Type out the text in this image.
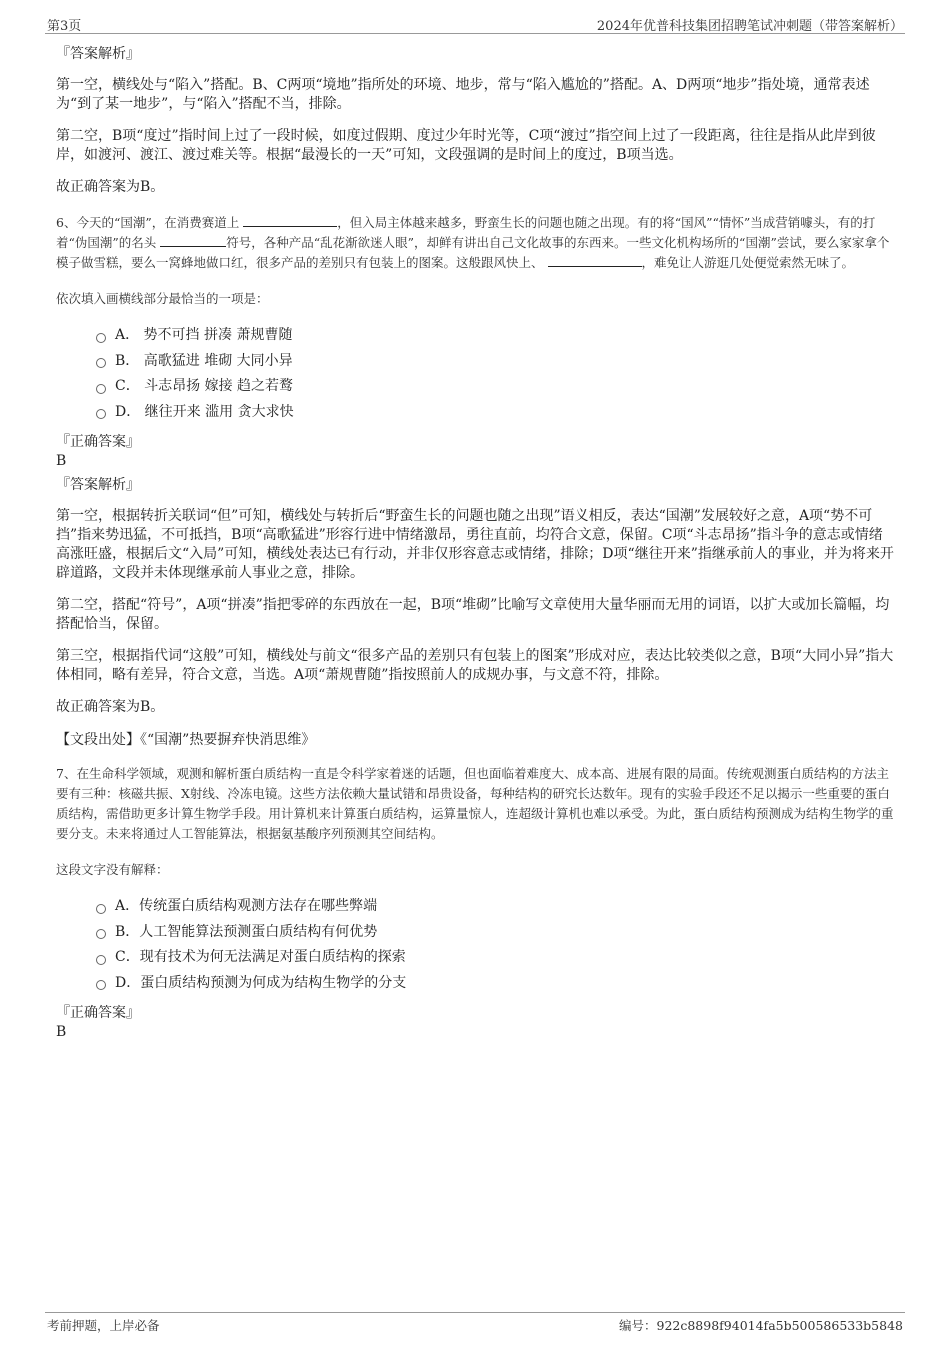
第3页	2024年优普科技集团招聘笔试冲刺题（带答案解析）
『答案解析』

第一空，横线处与“陷入”搭配。B、C两项“境地”指所处的环境、地步，常与“陷入尴尬的”搭配。A、D两项“地步”指处境，通常表述为“到了某一地步”，与“陷入”搭配不当，排除。

第二空，B项“度过”指时间上过了一段时候，如度过假期、度过少年时光等，C项“渡过”指空间上过了一段距离，往往是指从此岸到彼岸，如渡河、渡江、渡过难关等。根据“最漫长的一天”可知，文段强调的是时间上的度过，B项当选。

故正确答案为B。

6、今天的“国潮”，在消费赛道上	，但入局主体越来越多，野蛮生长的问题也随之出现。有的将“国风”“情怀”当成营销噱头，有的打着“伪国潮”的名头	符号，各种产品“乱花渐欲迷人眼”，却鲜有讲出自己文化故事的东西来。一些文化机构场所的“国潮”尝试，要么家家拿个模子做雪糕，要么一窝蜂地做口红，很多产品的差别只有包装上的图案。这般跟风快上、	，难免让人游逛几处便觉索然无味了。

依次填入画横线部分最恰当的一项是：

A． 势不可挡 拼凑 萧规曹随
B． 高歌猛进 堆砌 大同小异
C． 斗志昂扬 嫁接 趋之若鹜
D． 继往开来 滥用 贪大求快
『正确答案』
B
『答案解析』

第一空，根据转折关联词“但”可知，横线处与转折后“野蛮生长的问题也随之出现”语义相反，表达“国潮”发展较好之意，A项“势不可挡”指来势迅猛，不可抵挡，B项“高歌猛进”形容行进中情绪激昂，勇往直前，均符合文意，保留。C项“斗志昂扬”指斗争的意志或情绪高涨旺盛，根据后文“入局”可知，横线处表达已有行动，并非仅形容意志或情绪，排除；D项“继往开来”指继承前人的事业，并为将来开辟道路，文段并未体现继承前人事业之意，排除。

第二空，搭配“符号”，A项“拼凑”指把零碎的东西放在一起，B项“堆砌”比喻写文章使用大量华丽而无用的词语，以扩大或加长篇幅，均搭配恰当，保留。

第三空，根据指代词“这般”可知，横线处与前文“很多产品的差别只有包装上的图案”形成对应，表达比较类似之意，B项“大同小异”指大体相同，略有差异，符合文意，当选。A项“萧规曹随”指按照前人的成规办事，与文意不符，排除。

故正确答案为B。

【文段出处】《“国潮”热要摒弃快消思维》

7、在生命科学领域，观测和解析蛋白质结构一直是令科学家着迷的话题，但也面临着难度大、成本高、进展有限的局面。传统观测蛋白质结构的方法主要有三种：核磁共振、X射线、冷冻电镜。这些方法依赖大量试错和昂贵设备，每种结构的研究长达数年。现有的实验手段还不足以揭示一些重要的蛋白质结构，需借助更多计算生物学手段。用计算机来计算蛋白质结构，运算量惊人，连超级计算机也难以承受。为此，蛋白质结构预测成为结构生物学的重要分支。未来将通过人工智能算法，根据氨基酸序列预测其空间结构。

这段文字没有解释：

A．传统蛋白质结构观测方法存在哪些弊端
B．人工智能算法预测蛋白质结构有何优势
C．现有技术为何无法满足对蛋白质结构的探索
D．蛋白质结构预测为何成为结构生物学的分支
『正确答案』
B
考前押题，上岸必备	编号：922c8898f94014fa5b500586533b5848
